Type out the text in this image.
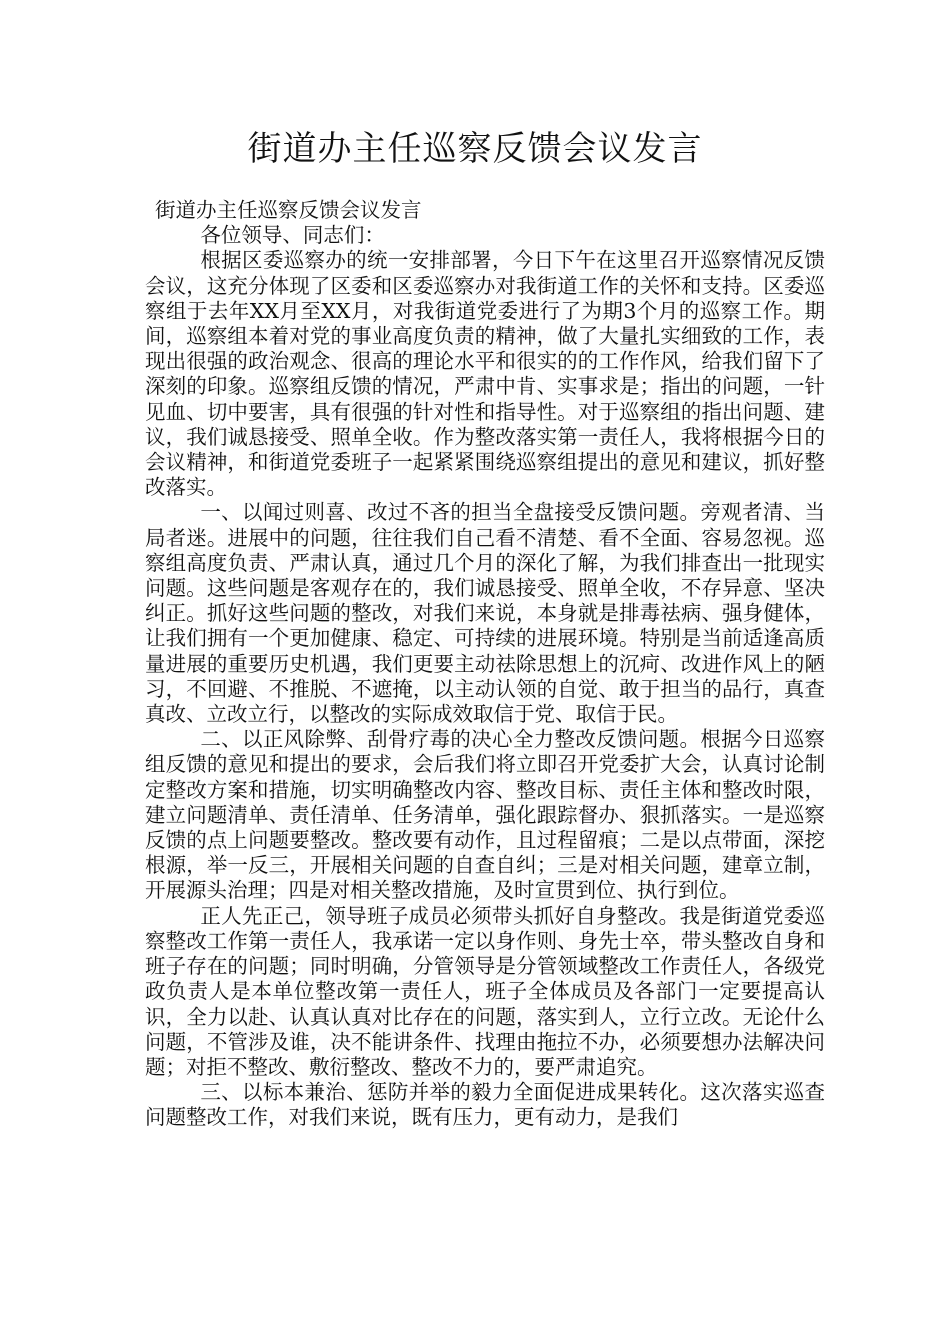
街道办主任巡察反馈会议发言

街道办主任巡察反馈会议发言

各位领导、同志们：

根据区委巡察办的统一安排部署，今日下午在这里召开巡察情况反馈会议，这充分体现了区委和区委巡察办对我街道工作的关怀和支持。区委巡察组于去年XX月至XX月，对我街道党委进行了为期3个月的巡察工作。期间，巡察组本着对党的事业高度负责的精神，做了大量扎实细致的工作，表现出很强的政治观念、很高的理论水平和很实的的工作作风，给我们留下了深刻的印象。巡察组反馈的情况，严肃中肯、实事求是；指出的问题，一针见血、切中要害，具有很强的针对性和指导性。对于巡察组的指出问题、建议，我们诚恳接受、照单全收。作为整改落实第一责任人，我将根据今日的会议精神，和街道党委班子一起紧紧围绕巡察组提出的意见和建议，抓好整改落实。

一、以闻过则喜、改过不吝的担当全盘接受反馈问题。旁观者清、当局者迷。进展中的问题，往往我们自己看不清楚、看不全面、容易忽视。巡察组高度负责、严肃认真，通过几个月的深化了解，为我们排查出一批现实问题。这些问题是客观存在的，我们诚恳接受、照单全收，不存异意、坚决纠正。抓好这些问题的整改，对我们来说，本身就是排毒祛病、强身健体，让我们拥有一个更加健康、稳定、可持续的进展环境。特别是当前适逢高质量进展的重要历史机遇，我们更要主动祛除思想上的沉疴、改进作风上的陋习，不回避、不推脱、不遮掩，以主动认领的自觉、敢于担当的品行，真查真改、立改立行，以整改的实际成效取信于党、取信于民。

二、以正风除弊、刮骨疗毒的决心全力整改反馈问题。根据今日巡察组反馈的意见和提出的要求，会后我们将立即召开党委扩大会，认真讨论制定整改方案和措施，切实明确整改内容、整改目标、责任主体和整改时限，建立问题清单、责任清单、任务清单，强化跟踪督办、狠抓落实。一是巡察反馈的点上问题要整改。整改要有动作，且过程留痕；二是以点带面，深挖根源，举一反三，开展相关问题的自查自纠；三是对相关问题，建章立制，开展源头治理；四是对相关整改措施，及时宣贯到位、执行到位。

正人先正己，领导班子成员必须带头抓好自身整改。我是街道党委巡察整改工作第一责任人，我承诺一定以身作则、身先士卒，带头整改自身和班子存在的问题；同时明确，分管领导是分管领域整改工作责任人，各级党政负责人是本单位整改第一责任人，班子全体成员及各部门一定要提高认识，全力以赴、认真认真对比存在的问题，落实到人，立行立改。无论什么问题，不管涉及谁，决不能讲条件、找理由拖拉不办，必须要想办法解决问题；对拒不整改、敷衍整改、整改不力的，要严肃追究。

三、以标本兼治、惩防并举的毅力全面促进成果转化。这次落实巡查问题整改工作，对我们来说，既有压力，更有动力，是我们
